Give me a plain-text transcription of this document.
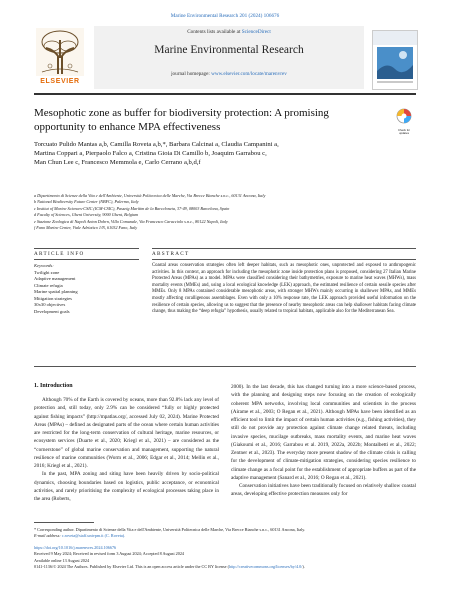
Marine Environmental Research 201 (2024) 106676
ELSEVIER
Contents lists available at ScienceDirect
Marine Environmental Research
journal homepage: www.elsevier.com/locate/marenvrev
Mesophotic zone as buffer for biodiversity protection: A promising
opportunity to enhance MPA effectiveness	Check for
updates
Torcuato Pulido Mantas a,b, Camilla Roveta a,b,*, Barbara Calcinai a, Claudia Campanini a,
Martina Coppari a, Pierpaolo Falco a, Cristina Gioia Di Camillo b, Joaquim Garrabou c,
Man Chun Lee c, Francesco Memmola e, Carlo Cerrano a,b,d,f
a Dipartimento di Scienze della Vita e dell'Ambiente, Università Politecnica delle Marche, Via Brecce Bianche s.n.c., 60131 Ancona, Italy
b National Biodiversity Future Center (NBFC), Palermo, Italy
c Institut of Marine Sciences-CSIC (ICM-CSIC), Passeig Marítim de la Barceloneta, 37-49, 08003 Barcelona, Spain
d Faculty of Sciences, Ghent University, 9000 Ghent, Belgium
e Stazione Zoologica di Napoli Anton Dohrn, Villa Comunale, Via Francesco Caracciolo s.n.c., 80122 Napoli, Italy
f Fano Marine Center, Viale Adriatico 1/N, 61032 Fano, Italy
ARTICLE INFO	ABSTRACT
Keywords:
Twilight zone
Adaptive management
Climate refugia
Marine spatial planning
Mitigation strategies
30x30 objectives
Development goals
Coastal areas conservation strategies often left deeper habitats, such as mesophotic ones, unprotected and exposed to anthropogenic activities. In this context, an approach for including the mesophotic zone inside protection plans is proposed, considering 27 Italian Marine Protected Areas (MPAs) as a model. MPAs were classified considering their bathymetries, exposure to marine heat waves (MHWs), mass mortality events (MMEs) and, using a local ecological knowledge (LEK) approach, the estimated resilience of certain sessile species after MMEs. Only 8 MPAs contained considerable mesophotic areas, with stronger MHWs mainly occurring in shallower MPAs, and MMEs mostly affecting coralligenous assemblages. Even with only a 10% response rate, the LEK approach provided useful information on the resilience of certain species, allowing us to suggest that the presence of nearby mesophotic areas can help shallower habitats facing climate change, thus making the “deep refugia” hypothesis, usually related to tropical habitats, applicable also for the Mediterranean Sea.
1. Introduction

Although 70% of the Earth is covered by oceans, more than 92.8% lack any level of protection and, still today, only 2.9% can be considered “fully or highly protected against fishing impacts” (http://mpatlas.org/, accessed July 02, 2024). Marine Protected Areas (MPAs) – defined as designated parts of the ocean where certain human activities are restricted for the long-term conservation of cultural heritage, marine resources, or ecosystem services (Duarte et al., 2020; Kriegl et al., 2021) – are considered as the “cornerstone” of global marine conservation and management, supporting the natural resilience of marine communities (Worm et al., 2006; Edgar et al., 2014; Mellin et al., 2016; Kriegl et al., 2021).

In the past, MPA zoning and siting have been heavily driven by socio-political dynamics, choosing boundaries based on logistics, public acceptance, or economical activities, and rarely prioritising the complexity of ecological processes taking place in the area (Roberts,

2000). In the last decade, this has changed turning into a more science-based process, with the planning and designing steps now focusing on the creation of ecologically coherent MPA networks, involving local communities and scientists in the process (Airame et al., 2003; O Regan et al., 2021). Although MPAs have been identified as an efficient tool to limit the impact of certain human activities (e.g., fishing activities), they still do not provide any protection against climate change related threats, including invasive species, mucilage outbreaks, mass mortality events, and marine heat waves (Giakoumi et al., 2016; Garrabou et al. 2019, 2022a, 2022b; Montalbetti et al., 2022; Zentner et al., 2023). The everyday more present shadow of the climate crisis is calling for the development of climate-mitigation strategies, considering species resilience to climate change as a focal point for the establishment of appropriate buffers as part of the adaptive management (Sanard et al., 2016; O Regan et al., 2021).

Conservation initiatives have been traditionally focused on relatively shallow coastal areas, developing effective protection measures only for

* Corresponding author. Dipartimento di Scienze della Vita e dell'Ambiente, Università Politecnica delle Marche, Via Brecce Bianche s.n.c., 60131 Ancona, Italy.
E-mail address: c.roveta@staff.univpm.it (C. Roveta).
https://doi.org/10.1016/j.marenvres.2024.106676
Received 9 May 2024; Received in revised form 3 August 2024; Accepted 8 August 2024
Available online 13 August 2024
0141-1136/© 2024 The Authors. Published by Elsevier Ltd. This is an open access article under the CC BY license (http://creativecommons.org/licenses/by/4.0/).
